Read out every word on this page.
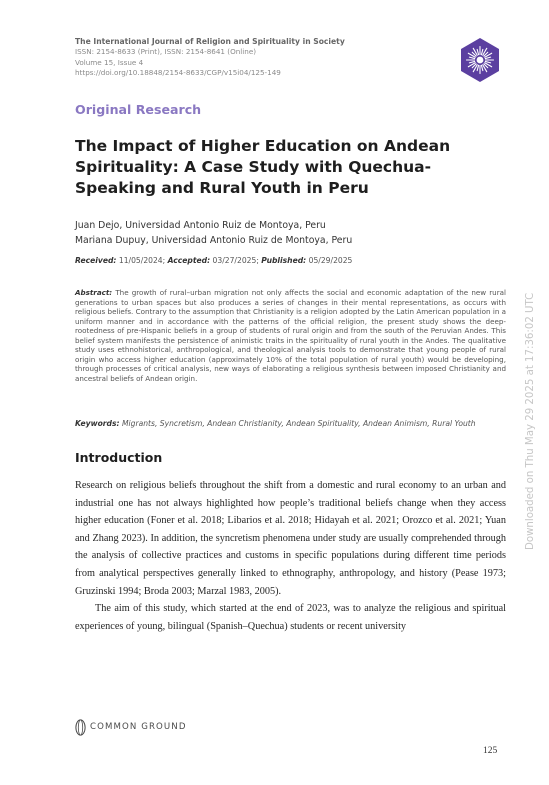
The International Journal of Religion and Spirituality in Society
ISSN: 2154-8633 (Print), ISSN: 2154-8641 (Online)
Volume 15, Issue 4
https://doi.org/10.18848/2154-8633/CGP/v15i04/125-149
Original Research
The Impact of Higher Education on Andean Spirituality: A Case Study with Quechua-Speaking and Rural Youth in Peru
Juan Dejo, Universidad Antonio Ruiz de Montoya, Peru
Mariana Dupuy, Universidad Antonio Ruiz de Montoya, Peru
Received: 11/05/2024; Accepted: 03/27/2025; Published: 05/29/2025
Abstract: The growth of rural–urban migration not only affects the social and economic adaptation of the new rural generations to urban spaces but also produces a series of changes in their mental representations, as occurs with religious beliefs. Contrary to the assumption that Christianity is a religion adopted by the Latin American population in a uniform manner and in accordance with the patterns of the official religion, the present study shows the deep-rootedness of pre-Hispanic beliefs in a group of students of rural origin and from the south of the Peruvian Andes. This belief system manifests the persistence of animistic traits in the spirituality of rural youth in the Andes. The qualitative study uses ethnohistorical, anthropological, and theological analysis tools to demonstrate that young people of rural origin who access higher education (approximately 10% of the total population of rural youth) would be developing, through processes of critical analysis, new ways of elaborating a religious synthesis between imposed Christianity and ancestral beliefs of Andean origin.
Keywords: Migrants, Syncretism, Andean Christianity, Andean Spirituality, Andean Animism, Rural Youth
Introduction

Research on religious beliefs throughout the shift from a domestic and rural economy to an urban and industrial one has not always highlighted how people’s traditional beliefs change when they access higher education (Foner et al. 2018; Libarios et al. 2018; Hidayah et al. 2021; Orozco et al. 2021; Yuan and Zhang 2023). In addition, the syncretism phenomena under study are usually comprehended through the analysis of collective practices and customs in specific populations during different time periods from analytical perspectives generally linked to ethnography, anthropology, and history (Pease 1973; Gruzinski 1994; Broda 2003; Marzal 1983, 2005).

The aim of this study, which started at the end of 2023, was to analyze the religious and spiritual experiences of young, bilingual (Spanish–Quechua) students or recent university

Downloaded on Thu May 29 2025 at 17:36:02 UTC
COMMON GROUND
125
